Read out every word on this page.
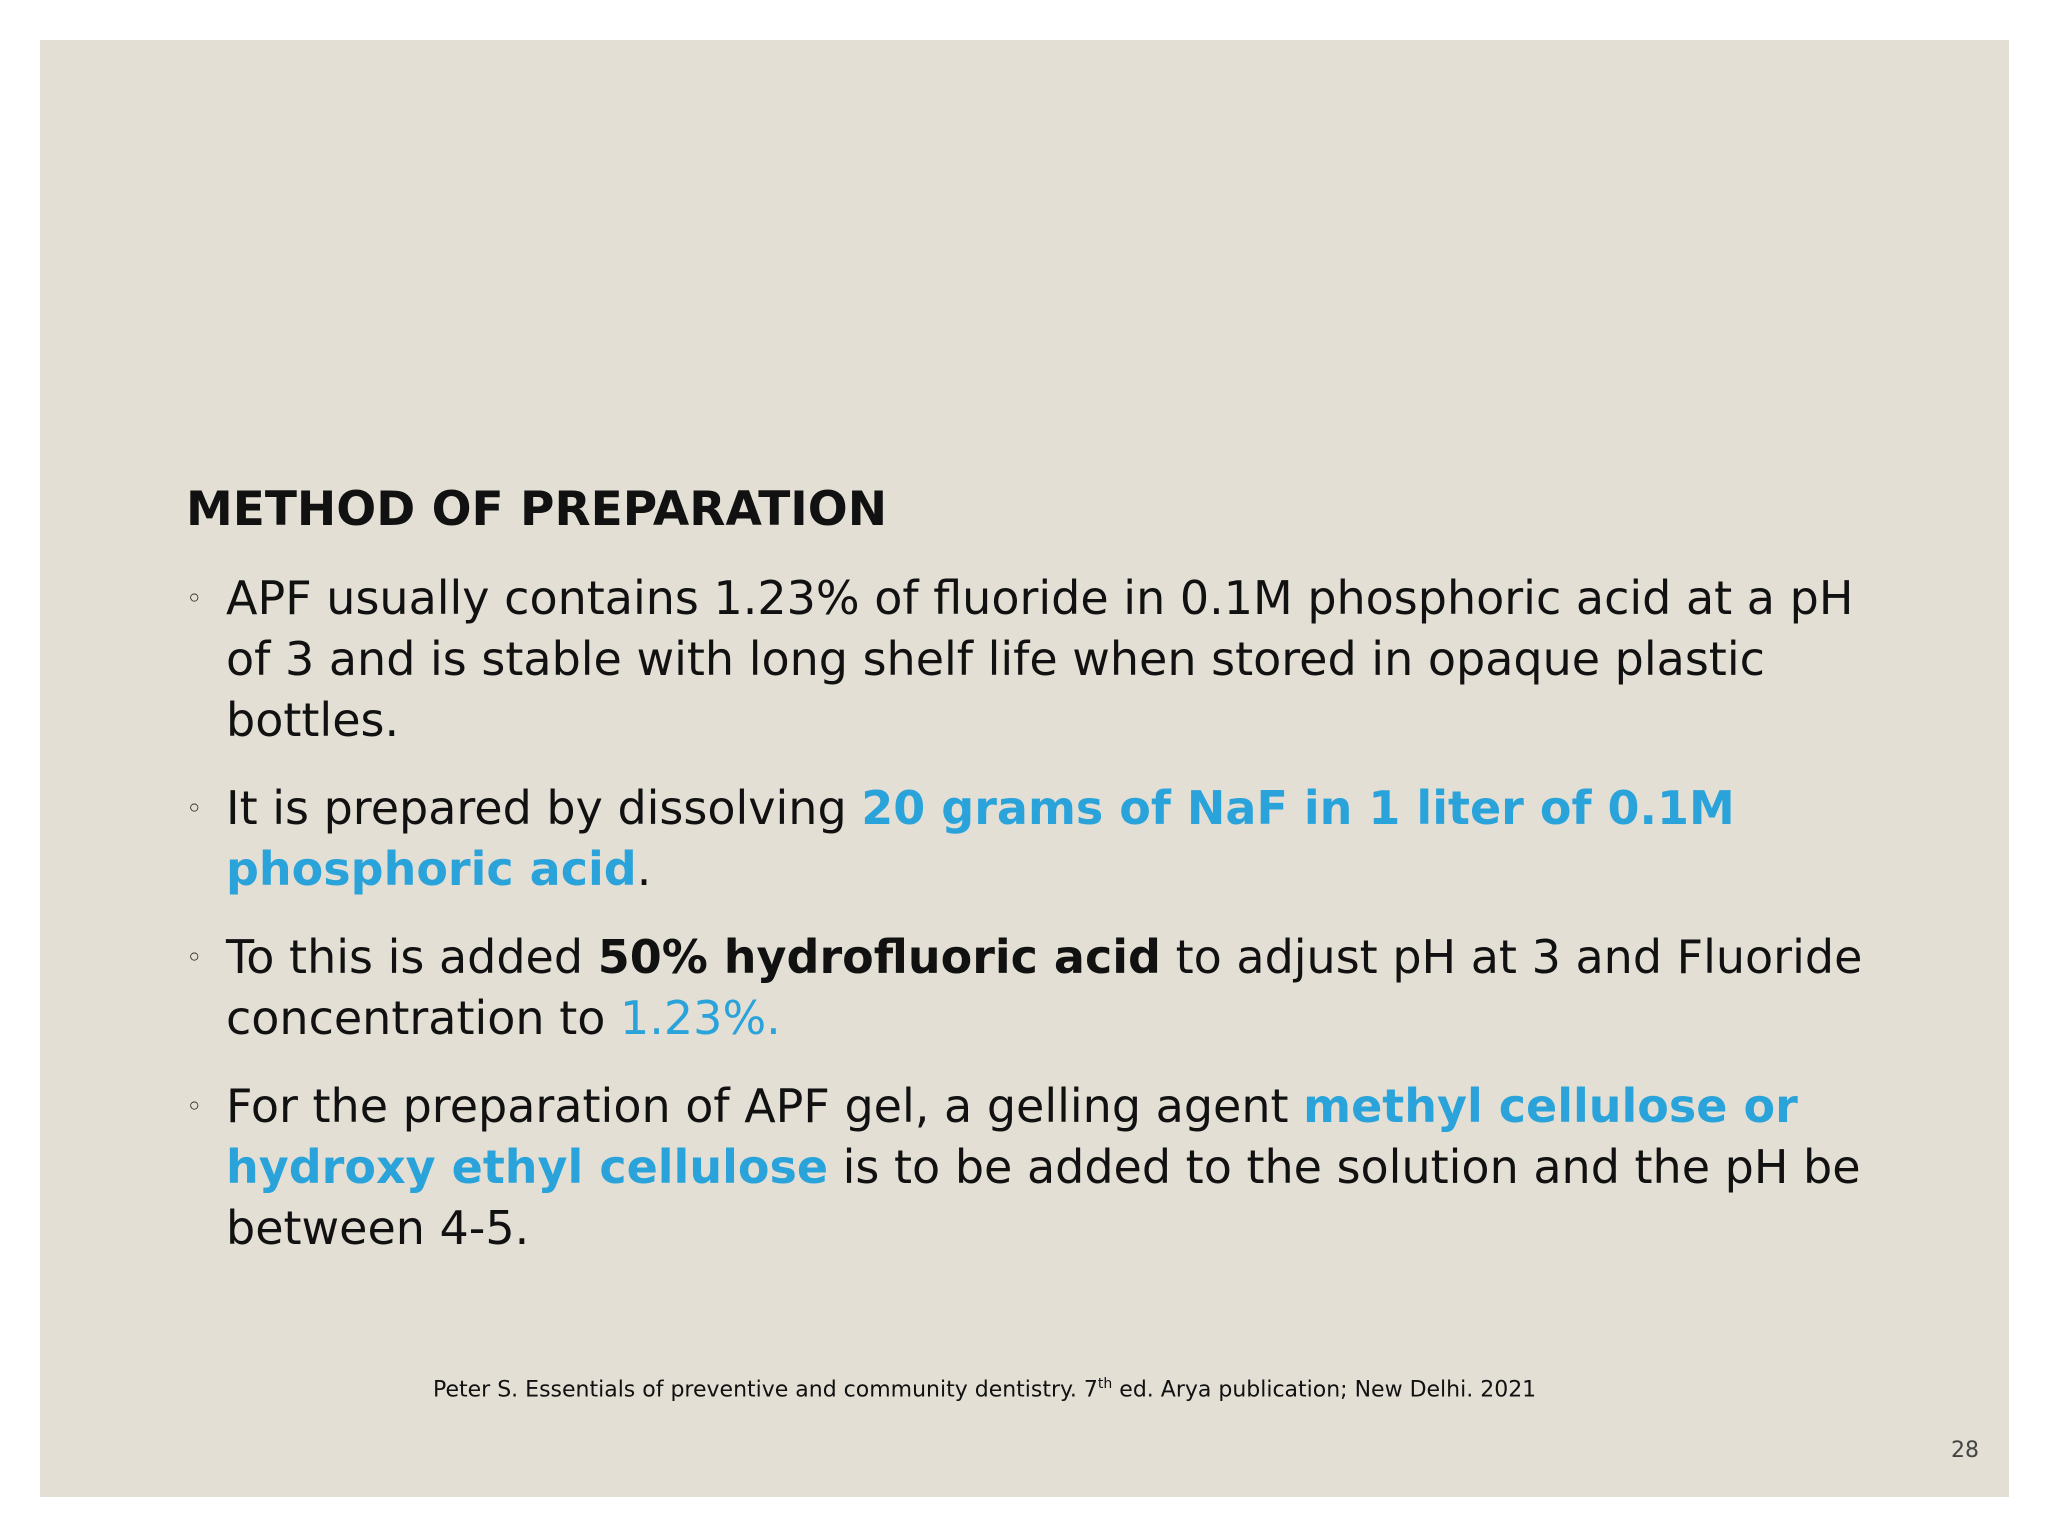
METHOD OF PREPARATION
◦ APF usually contains 1.23% of fluoride in 0.1M phosphoric acid at a pH of 3 and is stable with long shelf life when stored in opaque plastic bottles.
◦ It is prepared by dissolving 20 grams of NaF in 1 liter of 0.1M phosphoric acid.
◦ To this is added 50% hydrofluoric acid to adjust pH at 3 and Fluoride concentration to 1.23%.
◦ For the preparation of APF gel, a gelling agent methyl cellulose or hydroxy ethyl cellulose is to be added to the solution and the pH be between 4-5.
Peter S. Essentials of preventive and community dentistry. 7th ed. Arya publication; New Delhi. 2021
28
